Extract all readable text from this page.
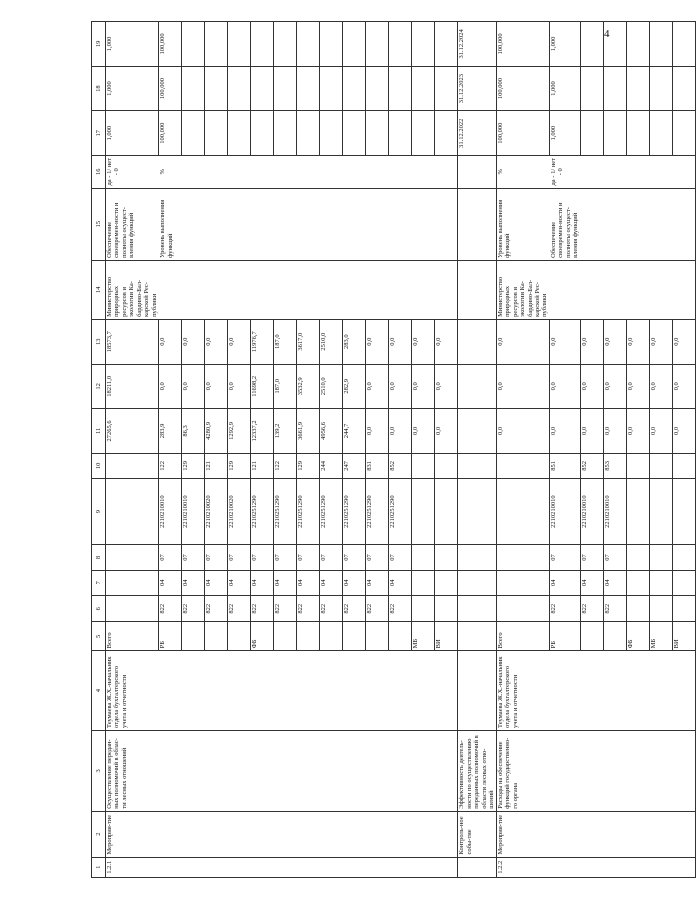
4
1	2	3	4	5	6	7	8	9	10	11	12	13	14	15	16	17	18	19
1.2.1	Мероприя-тие	Осуществление передан-ных полномочий в облас-ти лесных отношений	Теумаева Ж.Х.-начальник отдела бухгалтерского учета и отчетности	Всего						27265,6	18211,0	18573,7	Министерство природных ресурсов и экологии Ка-бардино-Бал-карской Рес-публики	Обеспечение своевремен-ности и полноты осущест-вления функций	да - 1/ нет - 0	1,000	1,000	1,000
				РБ	822	04	07	2210210010	122	283,9	0,0	0,0		Уровень выполнения функций	%	100,000	100,000	100,000
					822	04	07	2210210010	129	86,3	0,0	0,0						
					822	04	07	2210210020	121	4280,9	0,0	0,0						
					822	04	07	2210210020	129	1292,9	0,0	0,0						
				ФБ	822	04	07	2210251290	121	12337,2	11698,2	11976,7						
					822	04	07	2210251290	122	139,2	187,0	187,0						
					822	04	07	2210251290	129	3661,9	3532,9	3617,0						
					822	04	07	2210251290	244	4956,6	2510,0	2510,0						
					822	04	07	2210251290	247	244,7	282,9	283,0						
					822	04	07	2210251290	831	0,0	0,0	0,0						
					822	04	07	2210251290	852	0,0	0,0	0,0						
				МБ						0,0	0,0	0,0						
				ВИ						0,0	0,0	0,0						
	Контроль-ное собы-тие	Эффективность деятель-ности по осуществлению переданных полномочий в области лесных отно-шений														31.12.2022	31.12.2023	31.12.2024
1.2.2	Мероприя-тие	Расходы на обеспечение функций государственно-го органа	Теумаева Ж.Х.-начальник отдела бухгалтерского учета и отчетности	Всего						0,0	0,0	0,0	Министерство природных ресурсов и экологии Ка-бардино-Бал-карской Рес-публики	Уровень выполнения функций	%	100,000	100,000	100,000
				РБ	822	04	07	2210210010	851	0,0	0,0	0,0		Обеспечение своевремен-ности и полноты осущест-вления функций	да - 1/ нет - 0	1,000	1,000	1,000
					822	04	07	2210210010	852	0,0	0,0	0,0						
					822	04	07	2210210010	853	0,0	0,0	0,0						
				ФБ						0,0	0,0	0,0						
				МБ						0,0	0,0	0,0						
				ВИ						0,0	0,0	0,0						
